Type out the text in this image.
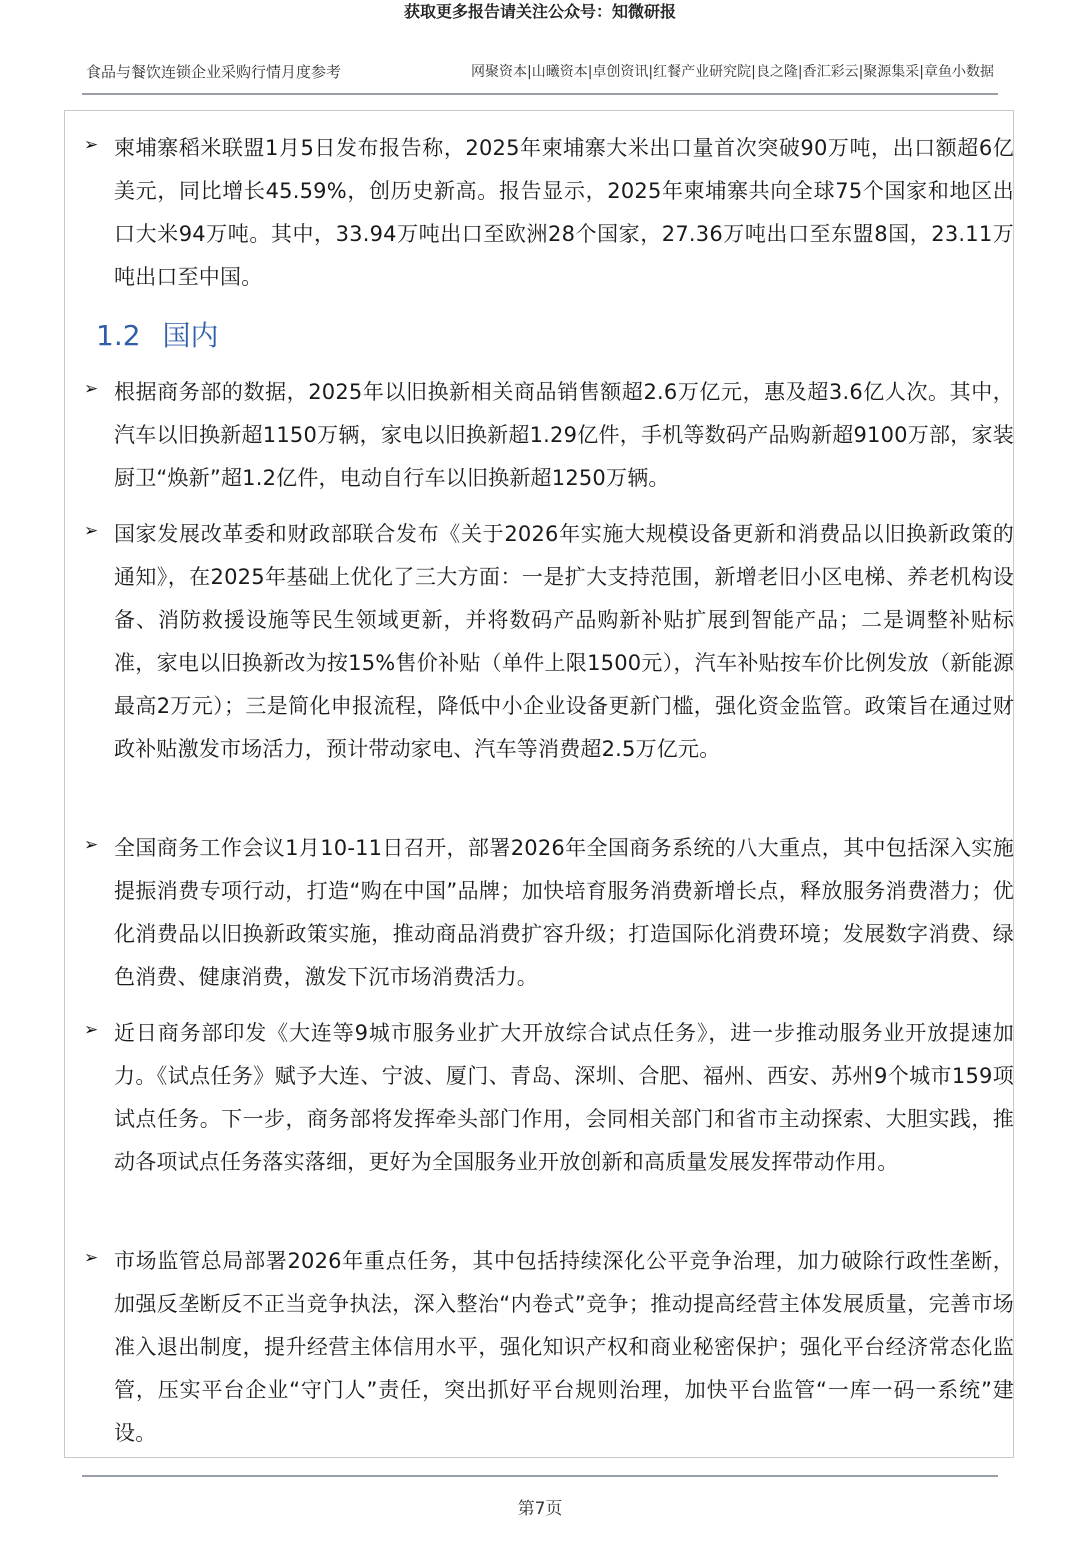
获取更多报告请关注公众号：知微研报
食品与餐饮连锁企业采购行情月度参考	网聚资本|山曦资本|卓创资讯|红餐产业研究院|良之隆|香汇彩云|聚源集采|章鱼小数据
➢ 柬埔寨稻米联盟1月5日发布报告称，2025年柬埔寨大米出口量首次突破90万吨，出口额超6亿美元，同比增长45.59%，创历史新高。报告显示，2025年柬埔寨共向全球75个国家和地区出口大米94万吨。其中，33.94万吨出口至欧洲28个国家，27.36万吨出口至东盟8国，23.11万吨出口至中国。

1.2 国内
➢ 根据商务部的数据，2025年以旧换新相关商品销售额超2.6万亿元，惠及超3.6亿人次。其中，汽车以旧换新超1150万辆，家电以旧换新超1.29亿件，手机等数码产品购新超9100万部，家装厨卫“焕新”超1.2亿件，电动自行车以旧换新超1250万辆。

➢ 国家发展改革委和财政部联合发布《关于2026年实施大规模设备更新和消费品以旧换新政策的通知》，在2025年基础上优化了三大方面：一是扩大支持范围，新增老旧小区电梯、养老机构设备、消防救援设施等民生领域更新，并将数码产品购新补贴扩展到智能产品；二是调整补贴标准，家电以旧换新改为按15%售价补贴（单件上限1500元），汽车补贴按车价比例发放（新能源最高2万元）；三是简化申报流程，降低中小企业设备更新门槛，强化资金监管。政策旨在通过财政补贴激发市场活力，预计带动家电、汽车等消费超2.5万亿元。

➢ 全国商务工作会议1月10-11日召开，部署2026年全国商务系统的八大重点，其中包括深入实施提振消费专项行动，打造“购在中国”品牌；加快培育服务消费新增长点，释放服务消费潜力；优化消费品以旧换新政策实施，推动商品消费扩容升级；打造国际化消费环境；发展数字消费、绿色消费、健康消费，激发下沉市场消费活力。

➢ 近日商务部印发《大连等9城市服务业扩大开放综合试点任务》，进一步推动服务业开放提速加力。《试点任务》赋予大连、宁波、厦门、青岛、深圳、合肥、福州、西安、苏州9个城市159项试点任务。下一步，商务部将发挥牵头部门作用，会同相关部门和省市主动探索、大胆实践，推动各项试点任务落实落细，更好为全国服务业开放创新和高质量发展发挥带动作用。

➢ 市场监管总局部署2026年重点任务，其中包括持续深化公平竞争治理，加力破除行政性垄断，加强反垄断反不正当竞争执法，深入整治“内卷式”竞争；推动提高经营主体发展质量，完善市场准入退出制度，提升经营主体信用水平，强化知识产权和商业秘密保护；强化平台经济常态化监管，压实平台企业“守门人”责任，突出抓好平台规则治理，加快平台监管“一库一码一系统”建设。

第7页
